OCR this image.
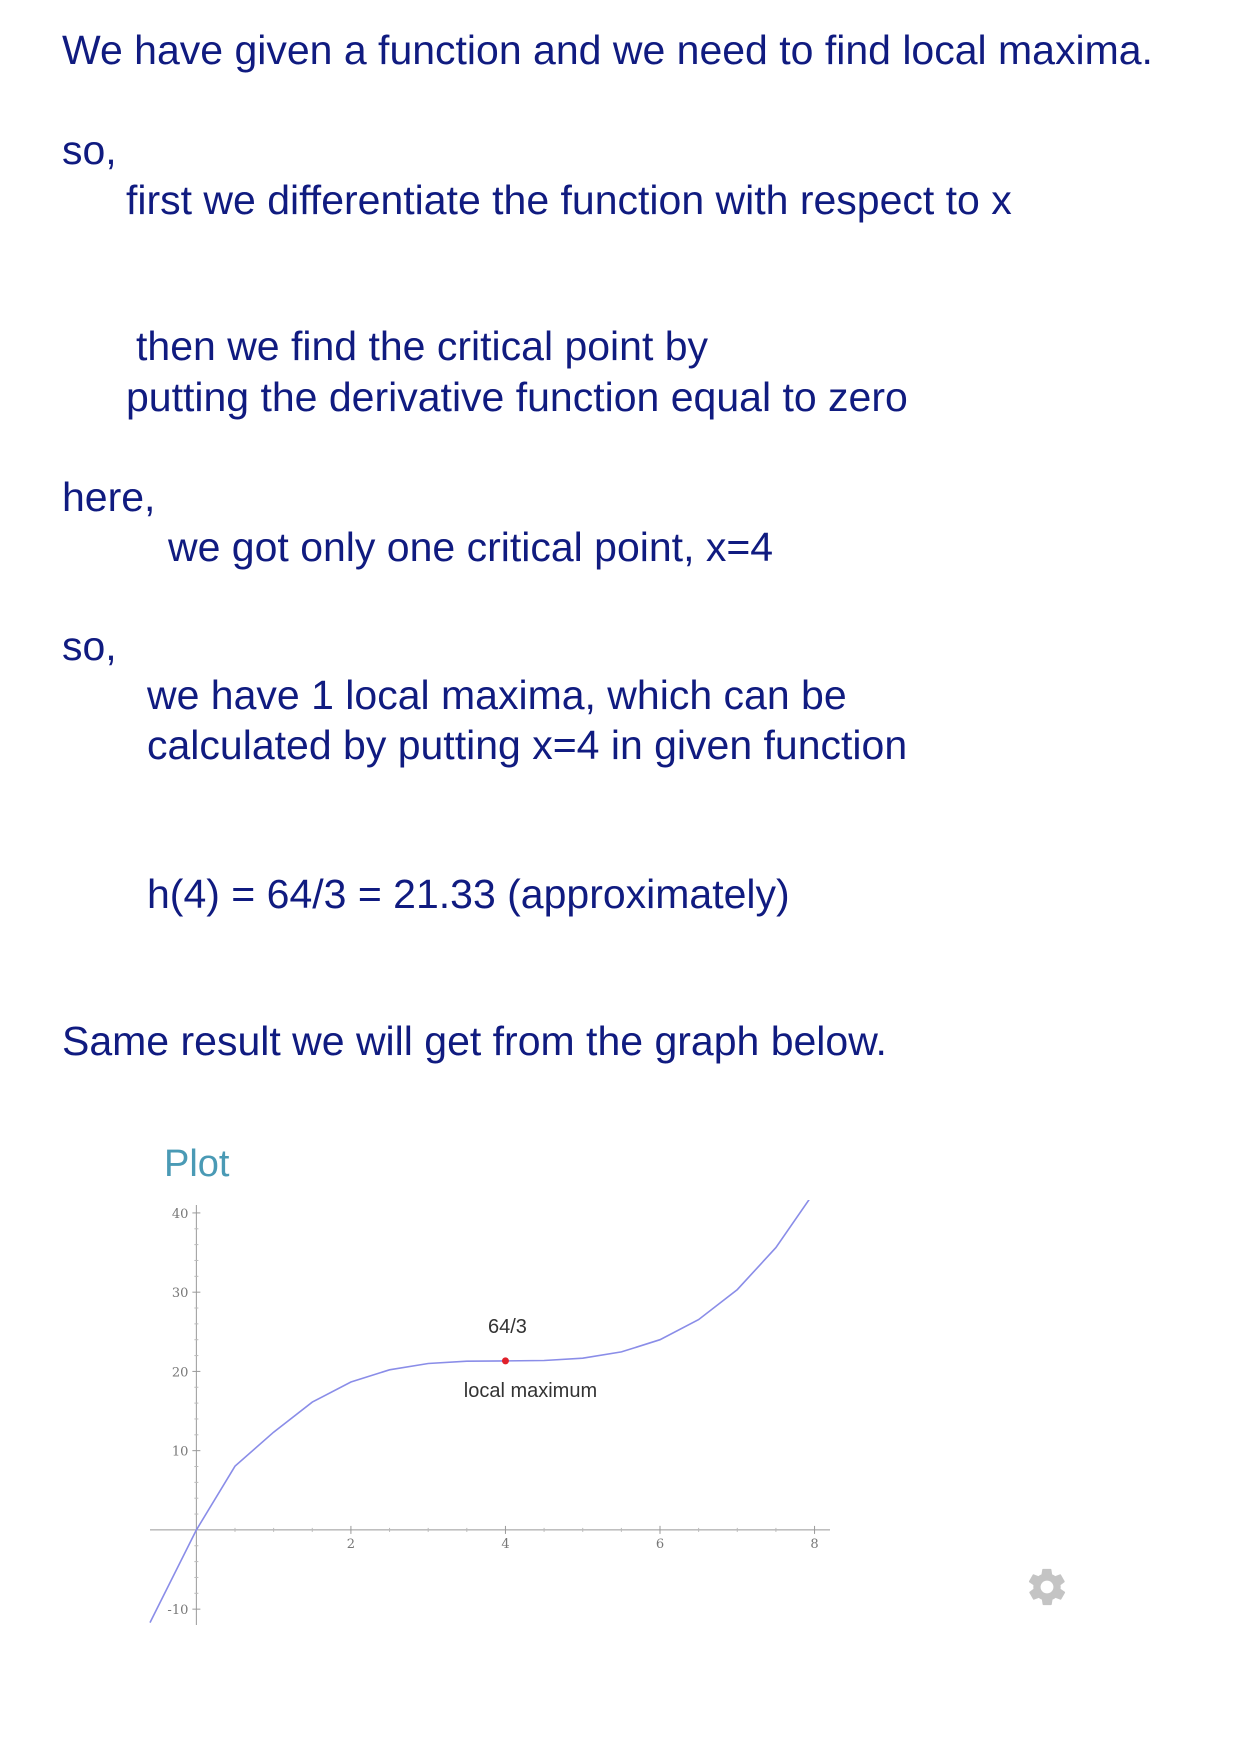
We have given a function and we need to find local maxima.
so,
first we differentiate the function with respect to x
then we find the critical point by
putting the derivative function equal to zero
here,
we got only one critical point, x=4
so,
we have 1 local maxima, which can be
calculated by putting x=4 in given function
h(4) = 64/3 = 21.33 (approximately)
Same result we will get from the graph below.
Plot
2	4	6	8
-10
10
20
30
40
64/3
local maximum
